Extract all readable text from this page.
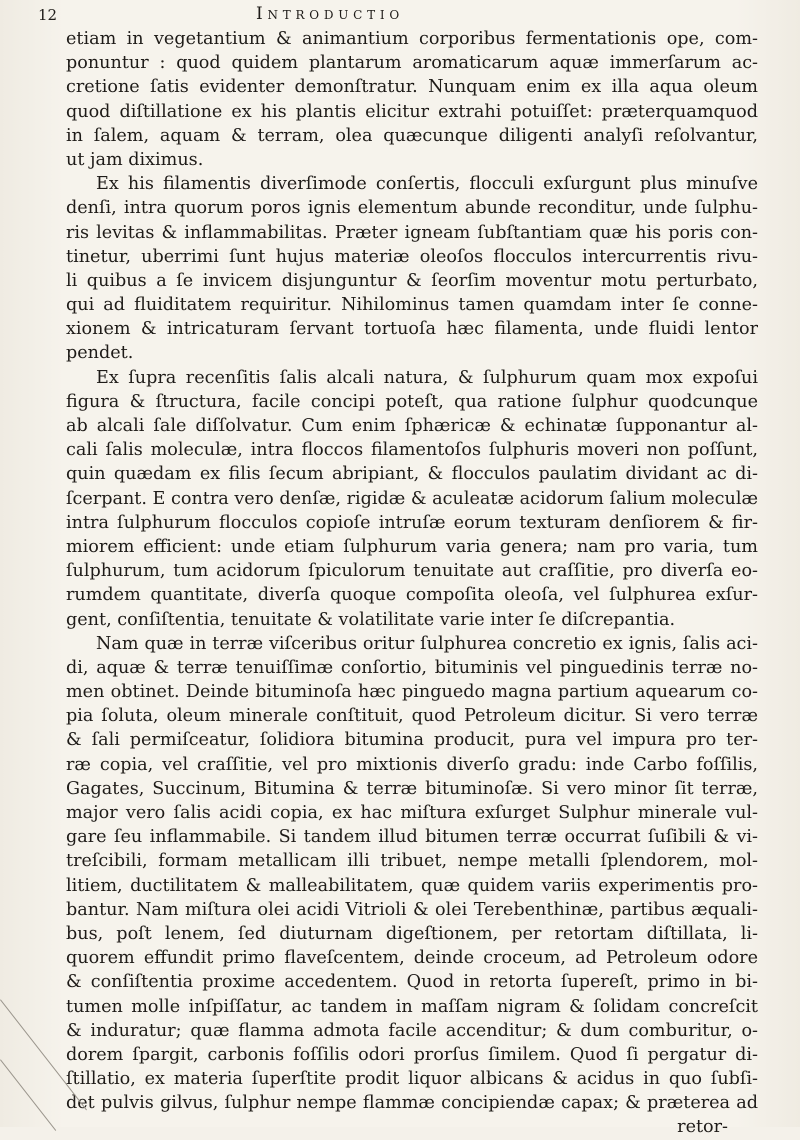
12	Introductio
etiam in vegetantium & animantium corporibus fermentationis ope, com-
ponuntur : quod quidem plantarum aromaticarum aquæ immerſarum ac-
cretione ſatis evidenter demonſtratur. Nunquam enim ex illa aqua oleum
quod diſtillatione ex his plantis elicitur extrahi potuiſſet: præterquamquod
in ſalem, aquam & terram, olea quæcunque diligenti analyſi reſolvantur,
ut jam diximus.
Ex his filamentis diverſimode conſertis, flocculi exſurgunt plus minuſve
denſi, intra quorum poros ignis elementum abunde reconditur, unde ſulphu-
ris levitas & inflammabilitas. Præter igneam ſubſtantiam quæ his poris con-
tinetur, uberrimi ſunt hujus materiæ oleoſos flocculos intercurrentis rivu-
li quibus a ſe invicem disjunguntur & ſeorſim moventur motu perturbato,
qui ad fluiditatem requiritur. Nihilominus tamen quamdam inter ſe conne-
xionem & intricaturam ſervant tortuoſa hæc filamenta, unde fluidi lentor
pendet.
Ex ſupra recenſitis ſalis alcali natura, & ſulphurum quam mox expoſui
figura & ſtructura, facile concipi poteſt, qua ratione ſulphur quodcunque
ab alcali ſale diſſolvatur. Cum enim ſphæricæ & echinatæ ſupponantur al-
cali ſalis moleculæ, intra floccos filamentoſos ſulphuris moveri non poſſunt,
quin quædam ex filis ſecum abripiant, & flocculos paulatim dividant ac di-
ſcerpant. E contra vero denſæ, rigidæ & aculeatæ acidorum ſalium moleculæ
intra ſulphurum flocculos copioſe intruſæ eorum texturam denſiorem & fir-
miorem efficient: unde etiam ſulphurum varia genera; nam pro varia, tum
ſulphurum, tum acidorum ſpiculorum tenuitate aut craſſitie, pro diverſa eo-
rumdem quantitate, diverſa quoque compoſita oleoſa, vel ſulphurea exſur-
gent, conſiſtentia, tenuitate & volatilitate varie inter ſe diſcrepantia.
Nam quæ in terræ viſceribus oritur ſulphurea concretio ex ignis, ſalis aci-
di, aquæ & terræ tenuiſſimæ conſortio, bituminis vel pinguedinis terræ no-
men obtinet. Deinde bituminoſa hæc pinguedo magna partium aquearum co-
pia ſoluta, oleum minerale conſtituit, quod Petroleum dicitur. Si vero terræ
& ſali permiſceatur, ſolidiora bitumina producit, pura vel impura pro ter-
ræ copia, vel craſſitie, vel pro mixtionis diverſo gradu: inde Carbo foſſilis,
Gagates, Succinum, Bitumina & terræ bituminoſæ. Si vero minor ſit terræ,
major vero ſalis acidi copia, ex hac miſtura exſurget Sulphur minerale vul-
gare ſeu inflammabile. Si tandem illud bitumen terræ occurrat ſuſibili & vi-
treſcibili, formam metallicam illi tribuet, nempe metalli ſplendorem, mol-
litiem, ductilitatem & malleabilitatem, quæ quidem variis experimentis pro-
bantur. Nam miſtura olei acidi Vitrioli & olei Terebenthinæ, partibus æquali-
bus, poſt lenem, ſed diuturnam digeſtionem, per retortam diſtillata, li-
quorem effundit primo flaveſcentem, deinde croceum, ad Petroleum odore
& conſiſtentia proxime accedentem. Quod in retorta ſupereſt, primo in bi-
tumen molle inſpiſſatur, ac tandem in maſſam nigram & ſolidam concreſcit
& induratur; quæ flamma admota facile accenditur; & dum comburitur, o-
dorem ſpargit, carbonis foſſilis odori prorſus ſimilem. Quod ſi pergatur di-
ſtillatio, ex materia ſuperſtite prodit liquor albicans & acidus in quo ſubſi-
det pulvis gilvus, ſulphur nempe flammæ concipiendæ capax; & præterea ad
retor-
